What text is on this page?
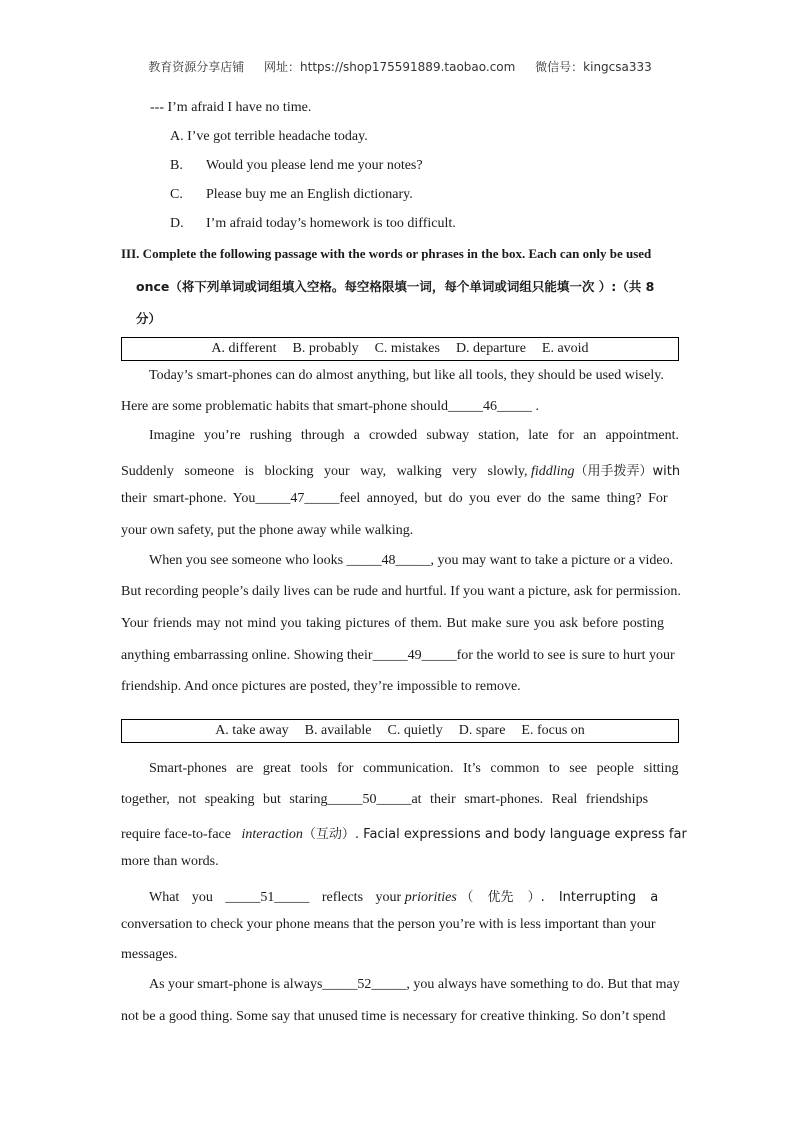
教育资源分享店铺 网址：https://shop175591889.taobao.com 微信号：kingcsa333
--- I’m afraid I have no time.
A. I’ve got terrible headache today.
B. Would you please lend me your notes?
C. Please buy me an English dictionary.
D. I’m afraid today’s homework is too difficult.
III. Complete the following passage with the words or phrases in the box. Each can only be used
once（将下列单词或词组填入空格。每空格限填一词，每个单词或词组只能填一次 ）:（共 8
分）
A. different B. probably C. mistakes D. departure E. avoid
Today’s smart-phones can do almost anything, but like all tools, they should be used wisely.
Here are some problematic habits that smart-phone should_____46_____ .
Imagine you’re rushing through a crowded subway station, late for an appointment.
Suddenly someone is blocking your way, walking very slowly, fiddling（用手拨弄）with
their smart-phone. You_____47_____feel annoyed, but do you ever do the same thing? For
your own safety, put the phone away while walking.
When you see someone who looks _____48_____, you may want to take a picture or a video.
But recording people’s daily lives can be rude and hurtful. If you want a picture, ask for permission.
Your friends may not mind you taking pictures of them. But make sure you ask before posting
anything embarrassing online. Showing their_____49_____for the world to see is sure to hurt your
friendship. And once pictures are posted, they’re impossible to remove.
A. take away B. available C. quietly D. spare E. focus on
Smart-phones are great tools for communication. It’s common to see people sitting
together, not speaking but staring_____50_____at their smart-phones. Real friendships
require face-to-face interaction（互动）. Facial expressions and body language express far
more than words.
What you _____51_____ reflects your priorities （ 优先 ）. Interrupting a
conversation to check your phone means that the person you’re with is less important than your
messages.
As your smart-phone is always_____52_____, you always have something to do. But that may
not be a good thing. Some say that unused time is necessary for creative thinking. So don’t spend
